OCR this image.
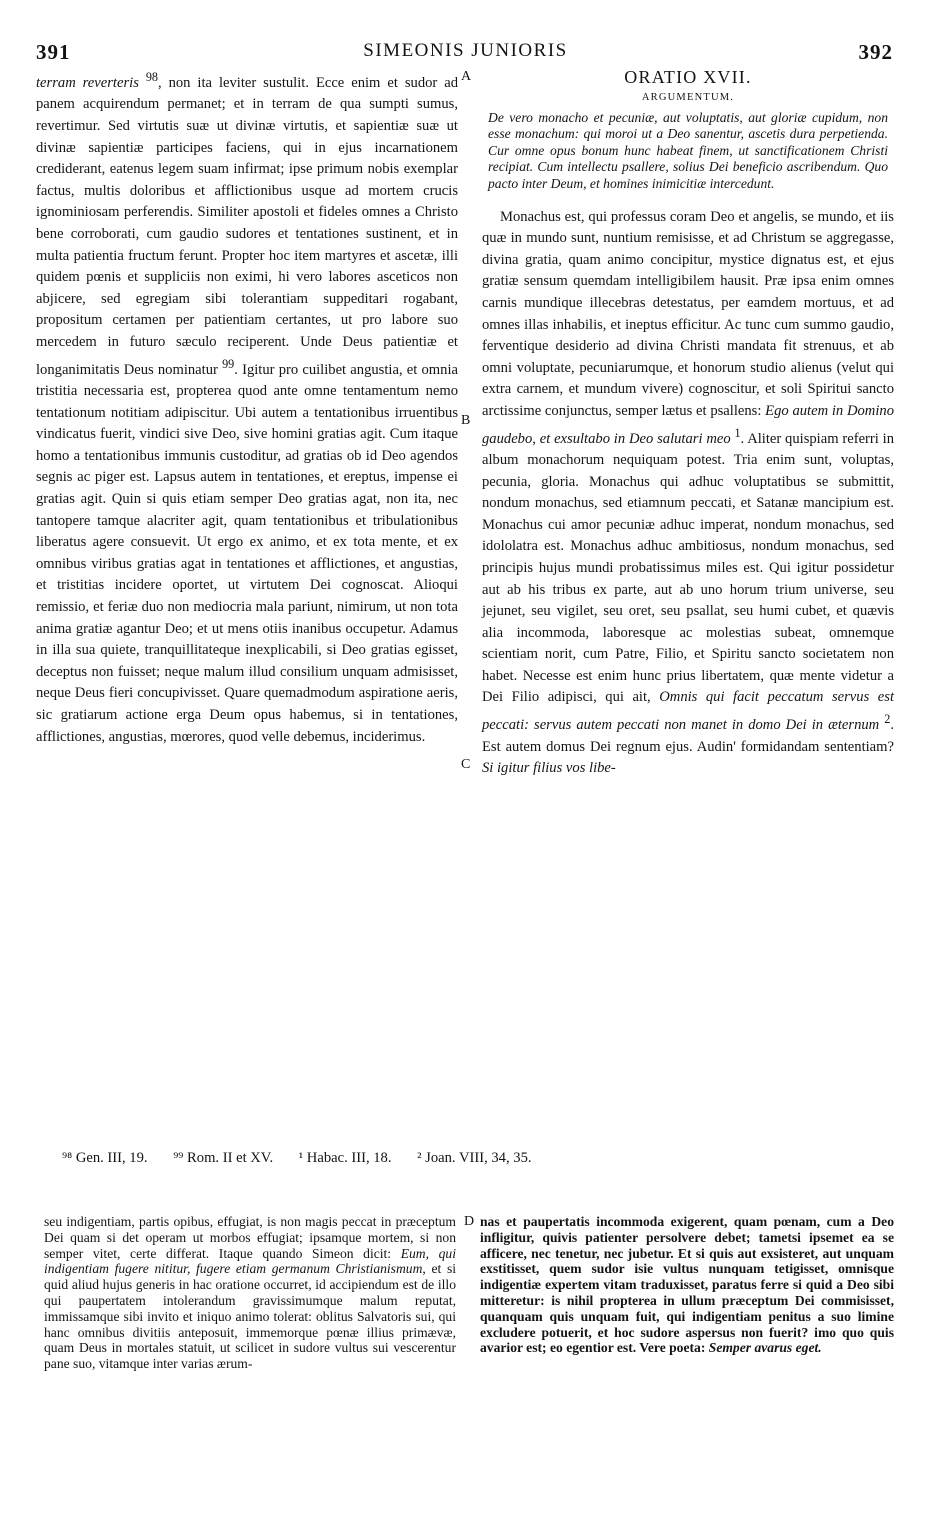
391	SIMEONIS JUNIORIS	392

terram reverteris $^{98}$, non ita leviter sustulit. Ecce enim et sudor ad panem acquirendum permanet; et in terram de qua sumpti sumus, revertimur. Sed virtutis suæ ut divinæ virtutis, et sapientiæ suæ ut divinæ sapientiæ participes faciens, qui in ejus incarnationem crediderant, eatenus legem suam infirmat; ipse primum nobis exemplar factus, multis doloribus et afflictionibus usque ad mortem crucis ignominiosam perferendis. Similiter apostoli et fideles omnes a Christo bene corroborati, cum gaudio sudores et tentationes sustinent, et in multa patientia fructum ferunt. Propter hoc item martyres et ascetæ, illi quidem pœnis et suppliciis non eximi, hi vero labores asceticos non abjicere, sed egregiam sibi tolerantiam suppeditari rogabant, propositum certamen per patientiam certantes, ut pro labore suo mercedem in futuro sæculo reciperent. Unde Deus patientiæ et longanimitatis Deus nominatur $^{99}$. Igitur pro cuilibet angustia, et omnia tristitia necessaria est, propterea quod ante omne tentamentum nemo tentationum notitiam adipiscitur. Ubi autem a tentationibus irruentibus vindicatus fuerit, vindici sive Deo, sive homini gratias agit. Cum itaque homo a tentationibus immunis custoditur, ad gratias ob id Deo agendos segnis ac piger est. Lapsus autem in tentationes, et ereptus, impense ei gratias agit. Quin si quis etiam semper Deo gratias agat, non ita, nec tantopere tamque alacriter agit, quam tentationibus et tribulationibus liberatus agere consuevit. Ut ergo ex animo, et ex tota mente, et ex omnibus viribus gratias agat in tentationes et afflictiones, et angustias, et tristitias incidere oportet, ut virtutem Dei cognoscat. Alioqui remissio, et feriæ duo non mediocria mala pariunt, nimirum, ut non tota anima gratiæ agantur Deo; et ut mens otiis inanibus occupetur. Adamus in illa sua quiete, tranquillitateque inexplicabili, si Deo gratias egisset, deceptus non fuisset; neque malum illud consilium unquam admisisset, neque Deus fieri concupivisset. Quare quemadmodum aspiratione aeris, sic gratiarum actione erga Deum opus habemus, si in tentationes, afflictiones, angustias, mœrores, quod velle debemus, inciderimus.

ORATIO XVII.
ARGUMENTUM.
De vero monacho et pecuniæ, aut voluptatis, aut gloriæ cupidum, non esse monachum: qui moroi ut a Deo sanentur, ascetis dura perpetienda. Cur omne opus bonum hunc habeat finem, ut sanctificationem Christi recipiat. Cum intellectu psallere, solius Dei beneficio ascribendum. Quo pacto inter Deum, et homines inimicitiæ intercedunt.

Monachus est, qui professus coram Deo et angelis, se mundo, et iis quæ in mundo sunt, nuntium remisisse, et ad Christum se aggregasse, divina gratia, quam animo concipitur, mystice dignatus est, et ejus gratiæ sensum quemdam intelligibilem hausit. Præ ipsa enim omnes carnis mundique illecebras detestatus, per eamdem mortuus, et ad omnes illas inhabilis, et ineptus efficitur. Ac tunc cum summo gaudio, ferventique desiderio ad divina Christi mandata fit strenuus, et ab omni voluptate, pecuniarumque, et honorum studio alienus (velut qui extra carnem, et mundum vivere) cognoscitur, et soli Spiritui sancto arctissime conjunctus, semper lætus et psallens: Ego autem in Domino gaudebo, et exsultabo in Deo salutari meo $^1$. Aliter quispiam referri in album monachorum nequiquam potest. Tria enim sunt, voluptas, pecunia, gloria. Monachus qui adhuc voluptatibus se submittit, nondum monachus, sed etiamnum peccati, et Satanæ mancipium est. Monachus cui amor pecuniæ adhuc imperat, nondum monachus, sed idololatra est. Monachus adhuc ambitiosus, nondum monachus, sed principis hujus mundi probatissimus miles est. Qui igitur possidetur aut ab his tribus ex parte, aut ab uno horum trium universe, seu jejunet, seu vigilet, seu oret, seu psallat, seu humi cubet, et quævis alia incommoda, laboresque ac molestias subeat, omnemque scientiam norit, cum Patre, Filio, et Spiritu sancto societatem non habet. Necesse est enim hunc prius libertatem, quæ mente videtur a Dei Filio adipisci, qui ait, Omnis qui facit peccatum servus est peccati: servus autem peccati non manet in domo Dei in æternum $^2$. Est autem domus Dei regnum ejus. Audin' formidandam sententiam? Si igitur filius vos libe-

A
B
C
⁹⁸ Gen. III, 19. ⁹⁹ Rom. II et XV. ¹ Habac. III, 18. ² Joan. VIII, 34, 35.

seu indigentiam, partis opibus, effugiat, is non magis peccat in præceptum Dei quam si det operam ut morbos effugiat; ipsamque mortem, si non semper vitet, certe differat. Itaque quando Simeon dicit: Eum, qui indigentiam fugere nititur, fugere etiam germanum Christianismum, et si quid aliud hujus generis in hac oratione occurret, id accipiendum est de illo qui paupertatem intolerandum gravissimumque malum reputat, immissamque sibi invito et iniquo animo tolerat: oblitus Salvatoris sui, qui hanc omnibus divitiis anteposuit, immemorque pœnæ illius primævæ, quam Deus in mortales statuit, ut scilicet in sudore vultus sui vescerentur pane suo, vitamque inter varias ærum-

D nas et paupertatis incommoda exigerent, quam pœnam, cum a Deo infligitur, quivis patienter persolvere debet; tametsi ipsemet ea se afficere, nec tenetur, nec jubetur. Et si quis aut exsisteret, aut unquam exstitisset, quem sudor isie vultus nunquam tetigisset, omnisque indigentiæ expertem vitam traduxisset, paratus ferre si quid a Deo sibi mitteretur: is nihil propterea in ullum præceptum Dei commisisset, quanquam quis unquam fuit, qui indigentiam penitus a suo limine excludere potuerit, et hoc sudore aspersus non fuerit? imo quo quis avarior est; eo egentior est. Vere poeta: Semper avarus eget.
